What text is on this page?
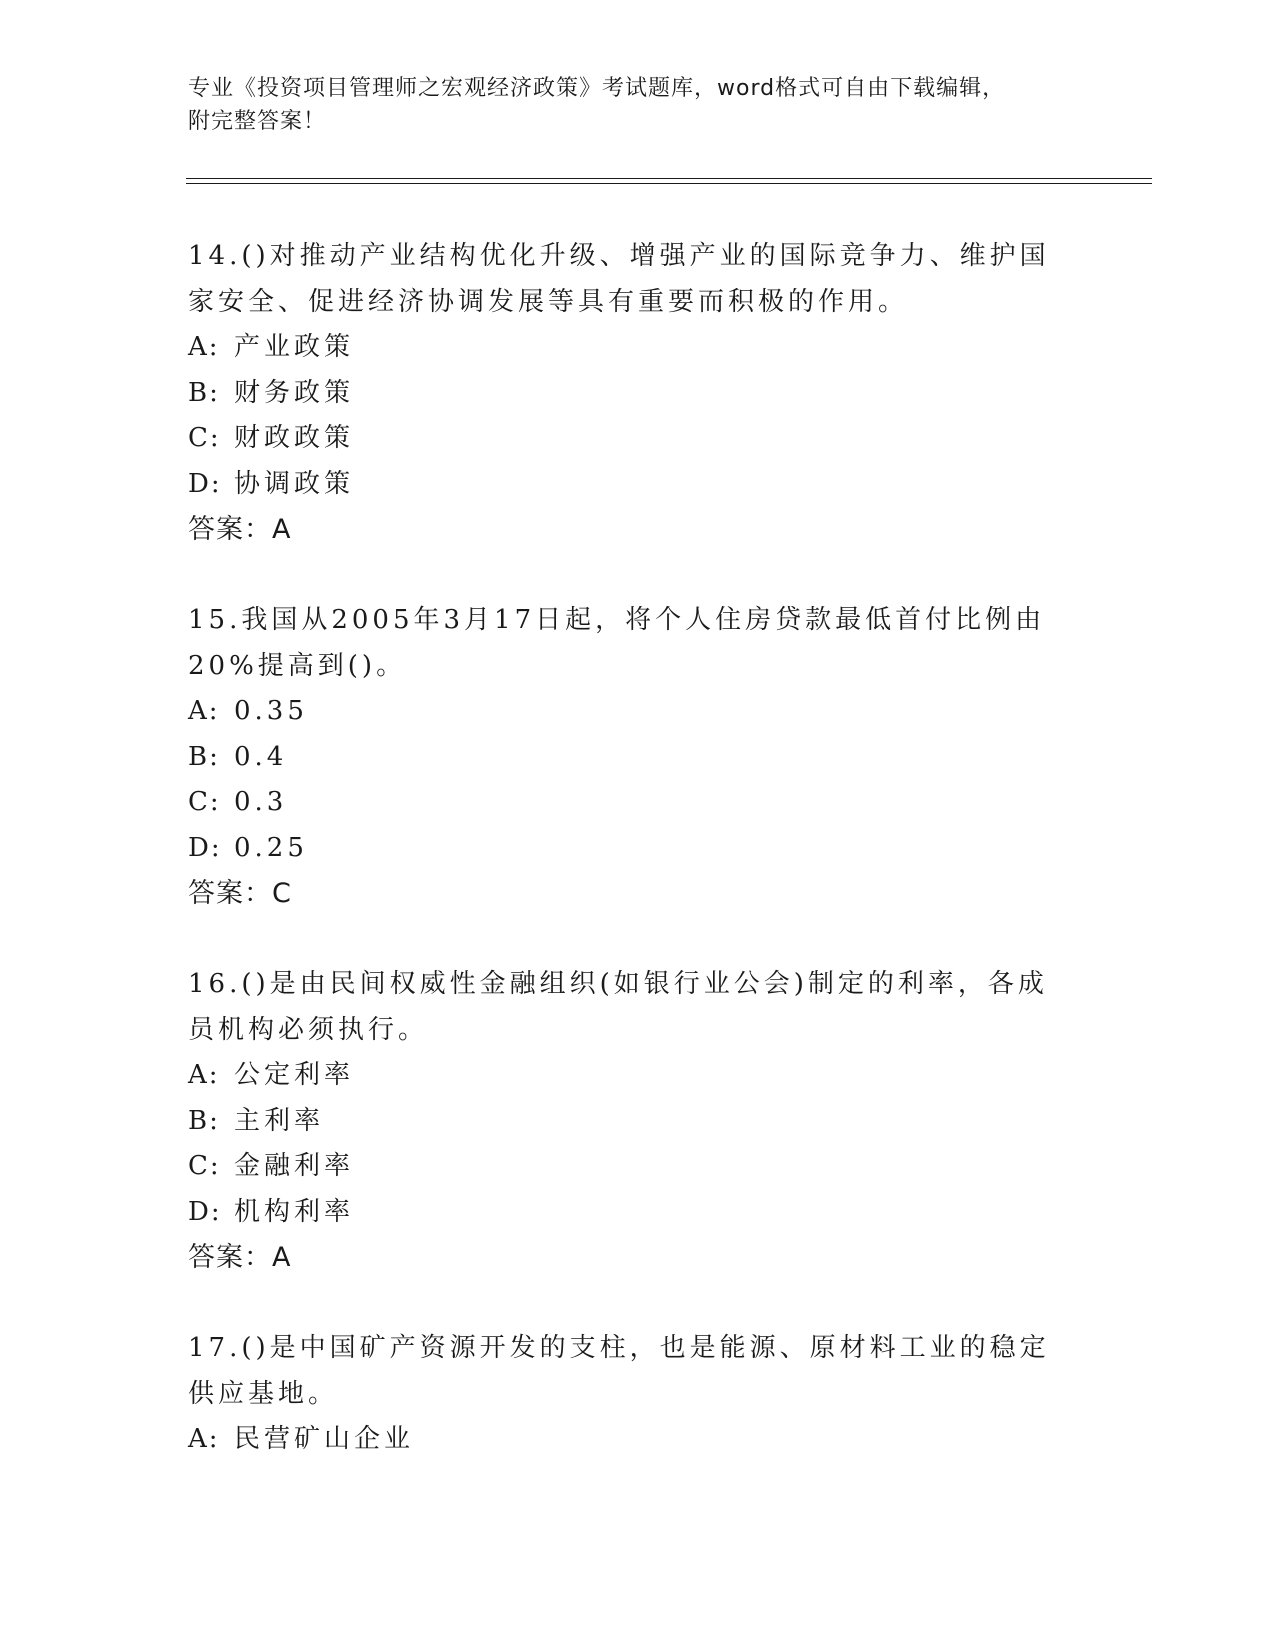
专业《投资项目管理师之宏观经济政策》考试题库，word格式可自由下载编辑，
附完整答案！

14.()对推动产业结构优化升级、增强产业的国际竞争力、维护国家安全、促进经济协调发展等具有重要而积极的作用。

A: 产业政策
B: 财务政策
C: 财政政策
D: 协调政策
答案：A

15.我国从2005年3月17日起，将个人住房贷款最低首付比例由20%提高到()。

A: 0.35
B: 0.4
C: 0.3
D: 0.25
答案：C

16.()是由民间权威性金融组织(如银行业公会)制定的利率，各成员机构必须执行。

A: 公定利率
B: 主利率
C: 金融利率
D: 机构利率
答案：A

17.()是中国矿产资源开发的支柱，也是能源、原材料工业的稳定供应基地。

A: 民营矿山企业
